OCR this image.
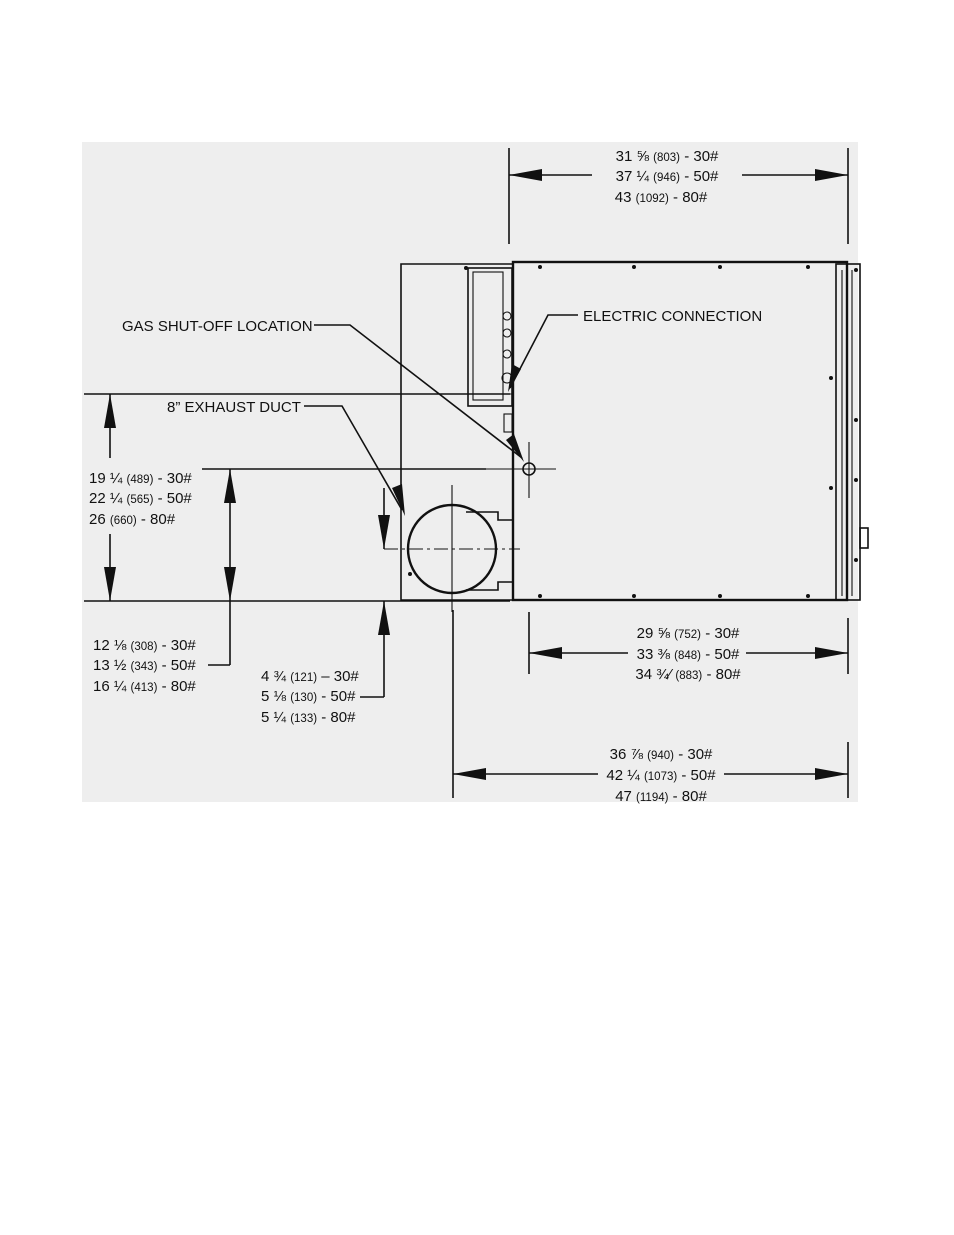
GAS SHUT-OFF LOCATION
ELECTRIC CONNECTION
8” EXHAUST DUCT
31 ⅝ (803) - 30#
37 ¼ (946) - 50#
43 (1092) - 80#
19 ¼ (489) - 30#
22 ¼ (565) - 50#
26 (660) - 80#
12 ⅛ (308) - 30#
13 ½ (343) - 50#
16 ¼ (413) - 80#
4 ¾ (121) – 30#
5 ⅛ (130) - 50#
5 ¼ (133) - 80#
29 ⅝ (752) - 30#
33 ⅜ (848) - 50#
34 ¾⁄ (883) - 80#
36 ⅞ (940) - 30#
42 ¼ (1073) - 50#
47 (1194) - 80#
